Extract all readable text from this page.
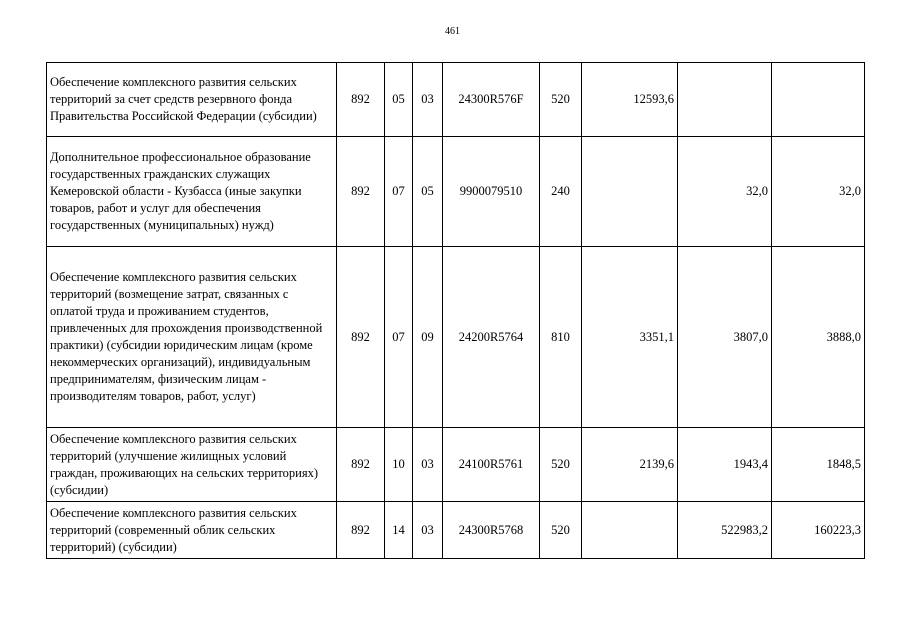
461
Обеспечение комплексного развития сельских территорий за счет средств резервного фонда Правительства Российской Федерации (субсидии)	892	05	03	24300R576F	520	12593,6		
Дополнительное профессиональное образование государственных гражданских служащих Кемеровской области - Кузбасса (иные закупки товаров, работ и услуг для обеспечения государственных (муниципальных) нужд)	892	07	05	9900079510	240		32,0	32,0
Обеспечение комплексного развития сельских территорий (возмещение затрат, связанных с оплатой труда и проживанием студентов, привлеченных для прохождения производственной практики) (субсидии юридическим лицам (кроме некоммерческих организаций), индивидуальным предпринимателям, физическим лицам - производителям товаров, работ, услуг)	892	07	09	24200R5764	810	3351,1	3807,0	3888,0
Обеспечение комплексного развития сельских территорий (улучшение жилищных условий граждан, проживающих на сельских территориях) (субсидии)	892	10	03	24100R5761	520	2139,6	1943,4	1848,5
Обеспечение комплексного развития сельских территорий (современный облик сельских территорий) (субсидии)	892	14	03	24300R5768	520		522983,2	160223,3
